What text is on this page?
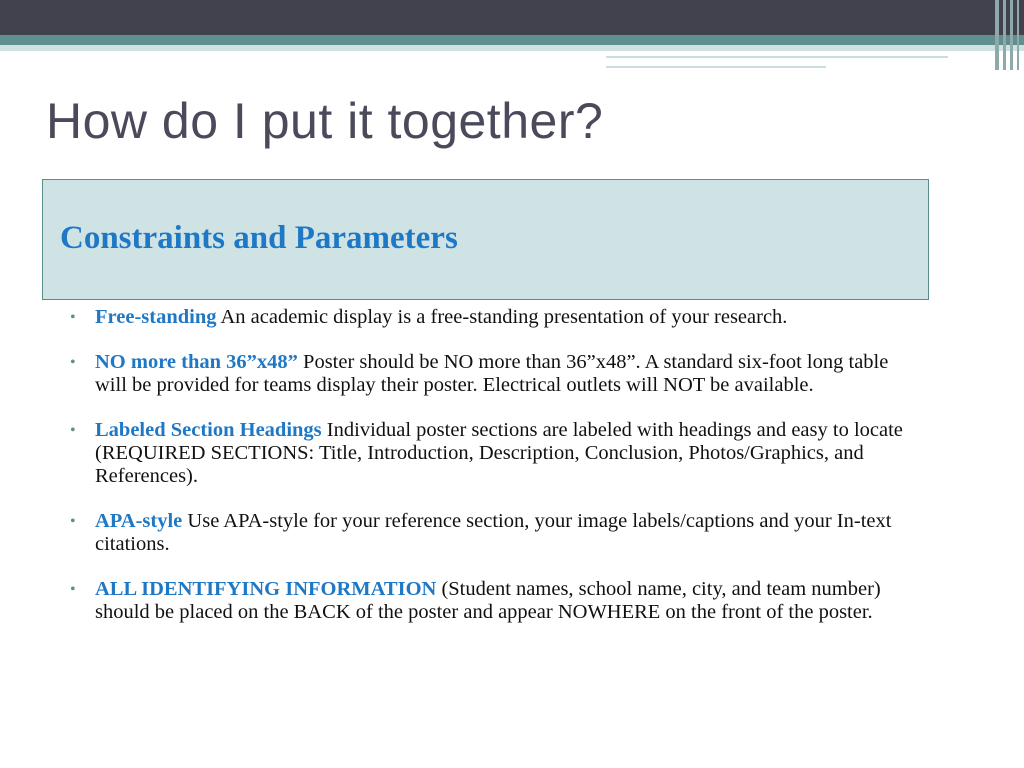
How do I put it together?
Constraints and Parameters
• Free-standing An academic display is a free-standing presentation of your research.
• NO more than 36”x48” Poster should be NO more than 36”x48”. A standard six-foot long table will be provided for teams display their poster. Electrical outlets will NOT be available.
• Labeled Section Headings Individual poster sections are labeled with headings and easy to locate (REQUIRED SECTIONS: Title, Introduction, Description, Conclusion, Photos/Graphics, and References).
• APA-style Use APA-style for your reference section, your image labels/captions and your In-text citations.
• ALL IDENTIFYING INFORMATION (Student names, school name, city, and team number) should be placed on the BACK of the poster and appear NOWHERE on the front of the poster.
